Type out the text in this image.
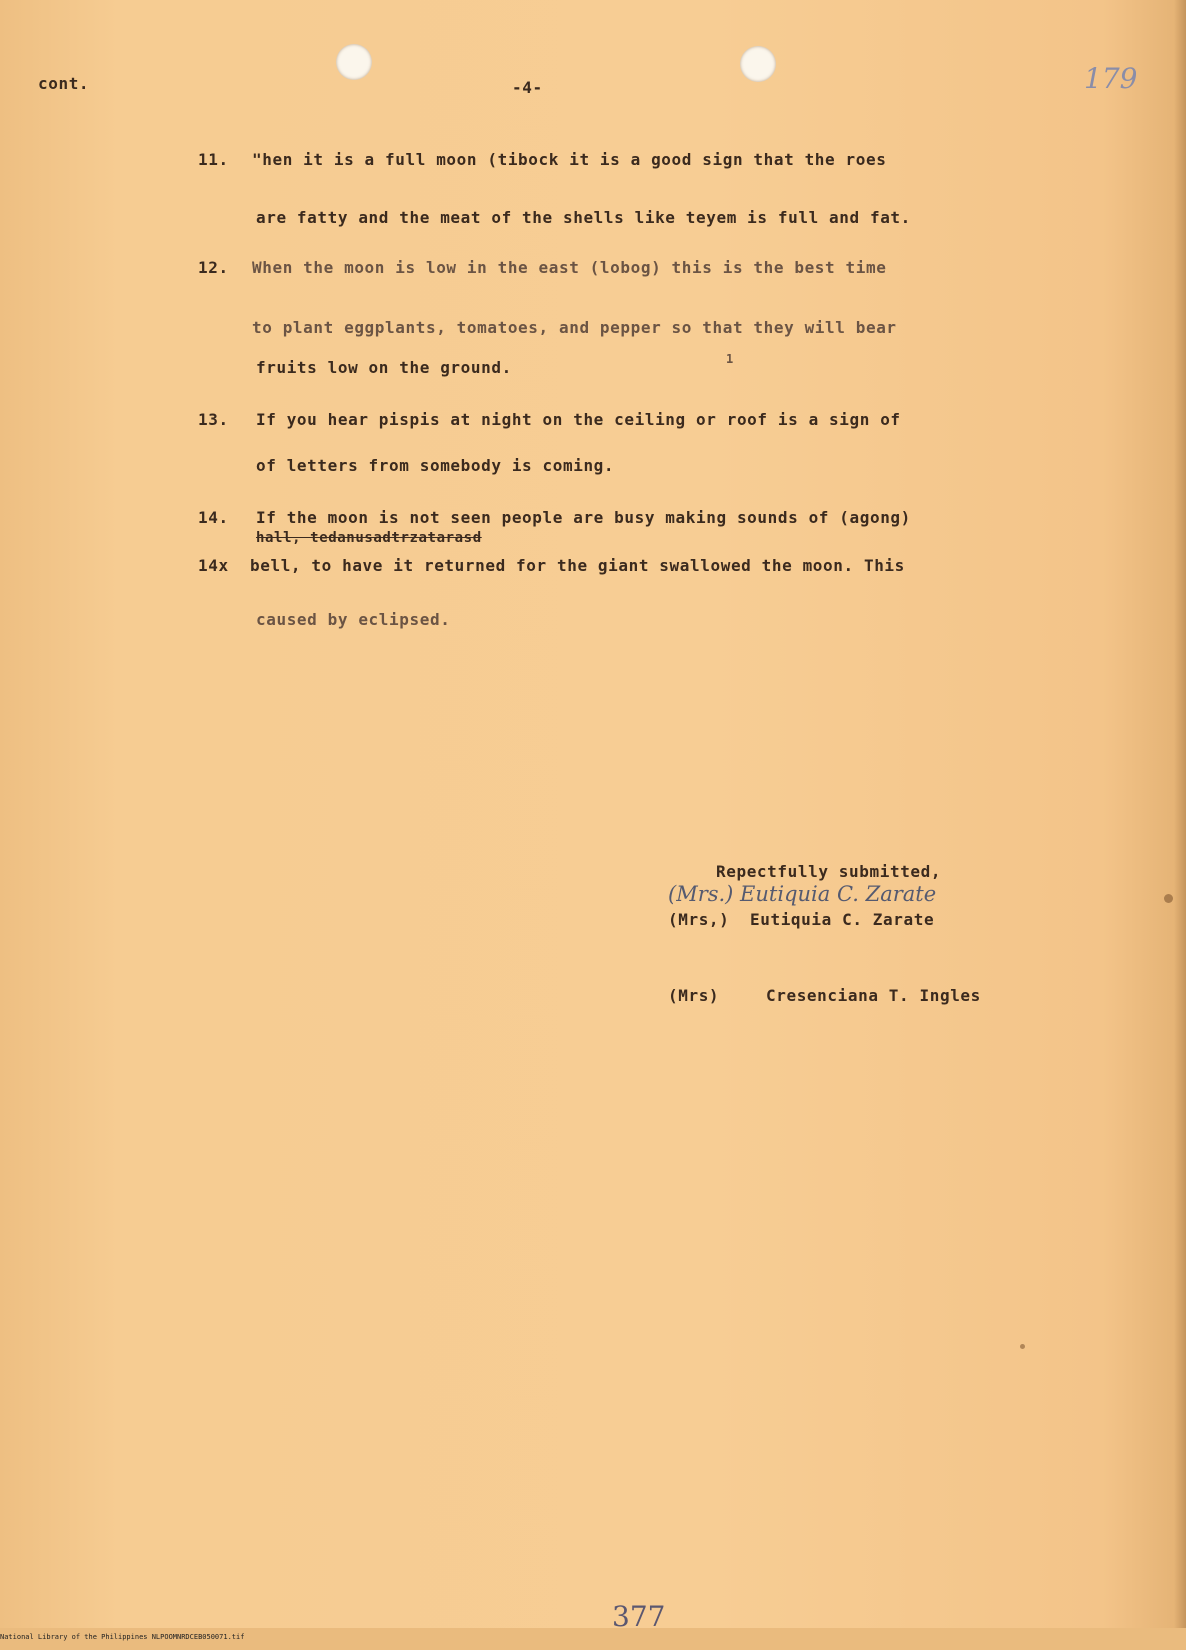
cont.	-4-	179

11. "hen it is a full moon (tibock it is a good sign that the roes

are fatty and the meat of the shells like teyem is full and fat.

12. When the moon is low in the east (lobog) this is the best time

to plant eggplants, tomatoes, and pepper so that they will bear

fruits low on the ground.	1

13. If you hear pispis at night on the ceiling or roof is a sign of

of letters from somebody is coming.

14. If the moon is not seen people are busy making sounds of (agong)

hall, tedanusadtrzatarasd

14x bell, to have it returned for the giant swallowed the moon. This

caused by eclipsed.

Repectfully submitted,

(Mrs.) Eutiquia C. Zarate

(Mrs,) Eutiquia C. Zarate

(Mrs)	Cresenciana T. Ingles

377

National Library of the Philippines NLPOOMNRDCEB050071.tif
